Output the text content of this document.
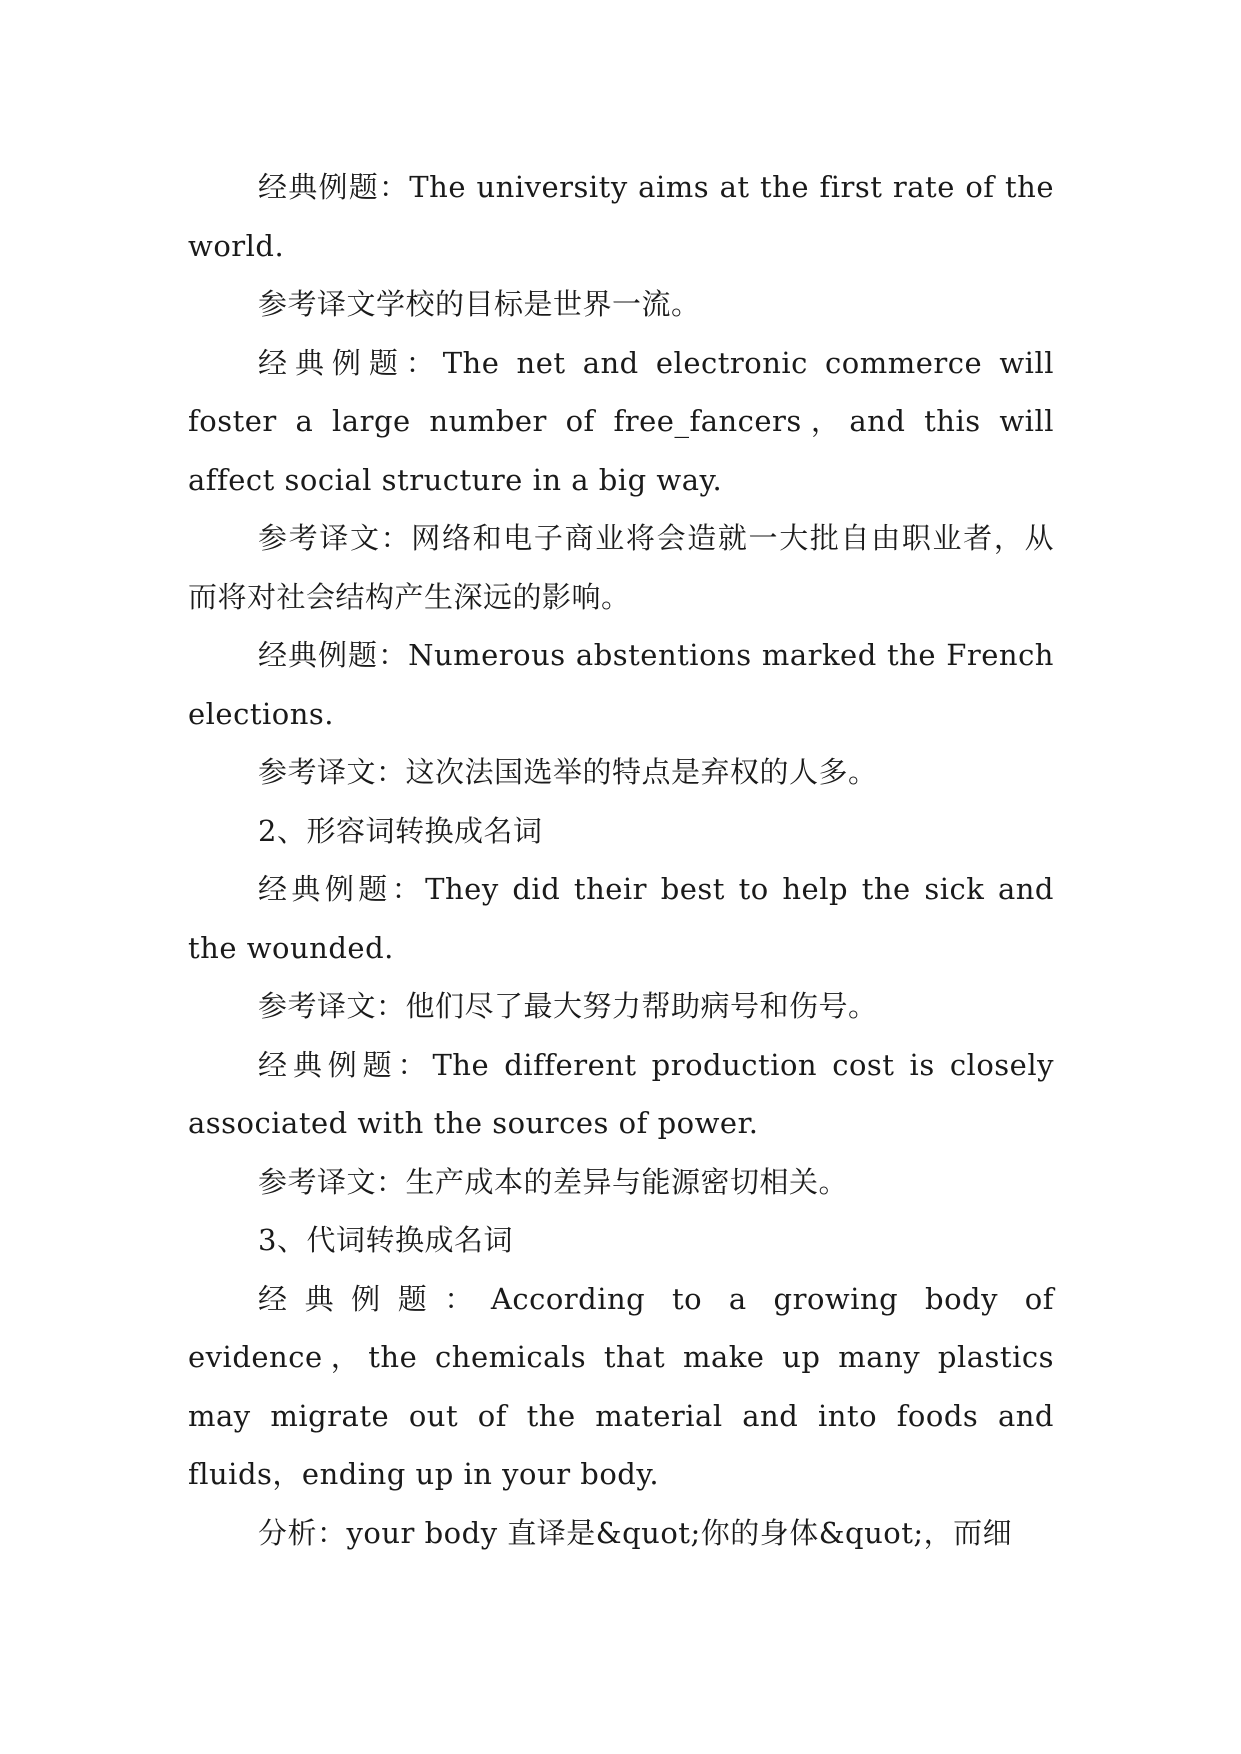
经典例题：The university aims at the first rate of the world.

参考译文学校的目标是世界一流。

经典例题：The net and electronic commerce will foster a large number of free_fancers，and this will affect social structure in a big way.

参考译文：网络和电子商业将会造就一大批自由职业者，从而将对社会结构产生深远的影响。

经典例题：Numerous abstentions marked the French elections.

参考译文：这次法国选举的特点是弃权的人多。

2、形容词转换成名词

经典例题：They did their best to help the sick and the wounded.

参考译文：他们尽了最大努力帮助病号和伤号。

经典例题：The different production cost is closely associated with the sources of power.

参考译文：生产成本的差异与能源密切相关。

3、代词转换成名词

经典例题：According to a growing body of evidence，the chemicals that make up many plastics may migrate out of the material and into foods and fluids，ending up in your body.

分析：your body 直译是&quot;你的身体&quot;，而细
